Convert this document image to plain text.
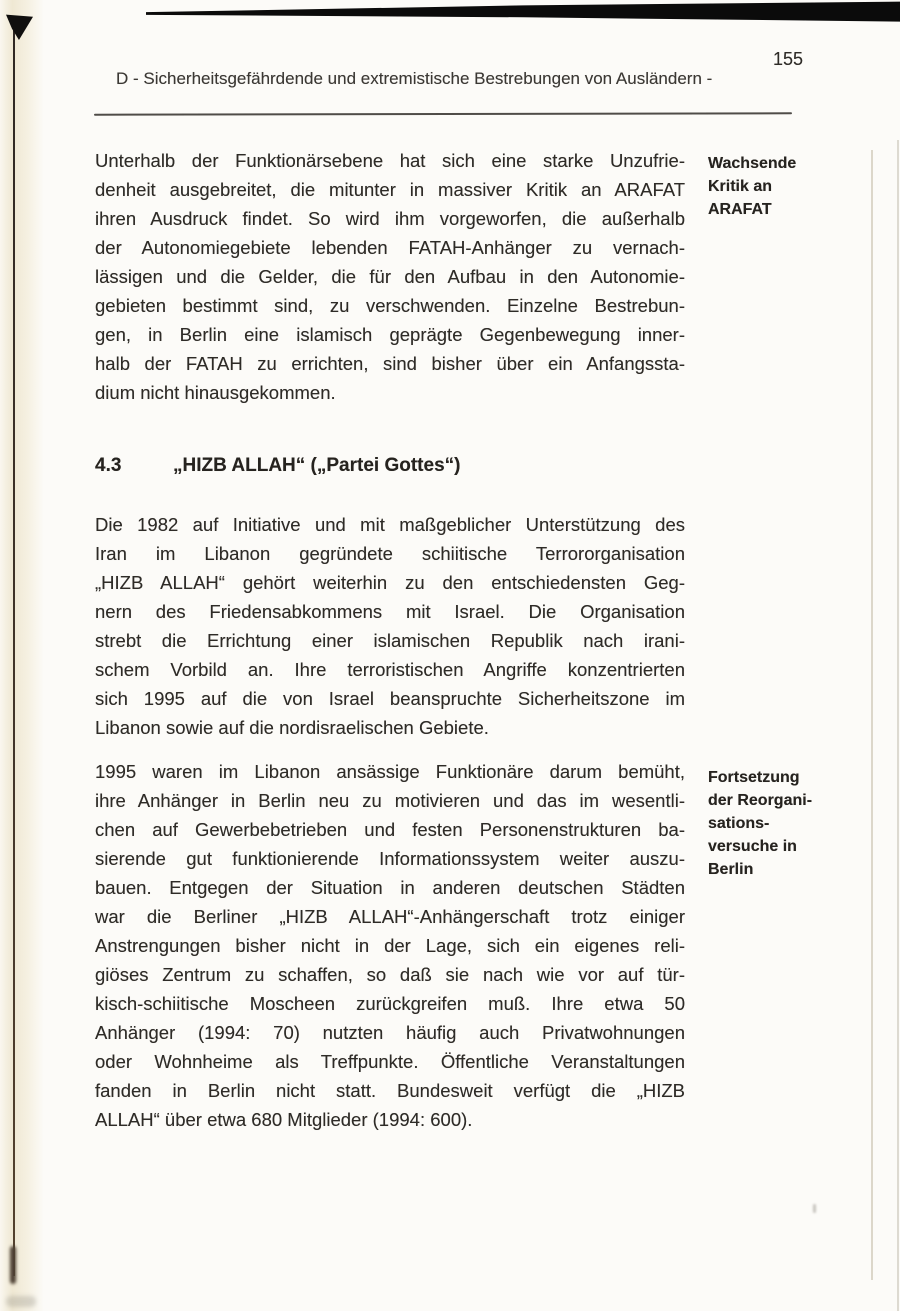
155
D - Sicherheitsgefährdende und extremistische Bestrebungen von Ausländern -
Unterhalb der Funktionärsebene hat sich eine starke Unzufrie-
denheit ausgebreitet, die mitunter in massiver Kritik an ARAFAT
ihren Ausdruck findet. So wird ihm vorgeworfen, die außerhalb
der Autonomiegebiete lebenden FATAH-Anhänger zu vernach-
lässigen und die Gelder, die für den Aufbau in den Autonomie-
gebieten bestimmt sind, zu verschwenden. Einzelne Bestrebun-
gen, in Berlin eine islamisch geprägte Gegenbewegung inner-
halb der FATAH zu errichten, sind bisher über ein Anfangssta-
dium nicht hinausgekommen.
Wachsende
Kritik an
ARAFAT
4.3	„HIZB ALLAH“ („Partei Gottes“)
Die 1982 auf Initiative und mit maßgeblicher Unterstützung des
Iran im Libanon gegründete schiitische Terrororganisation
„HIZB ALLAH“ gehört weiterhin zu den entschiedensten Geg-
nern des Friedensabkommens mit Israel. Die Organisation
strebt die Errichtung einer islamischen Republik nach irani-
schem Vorbild an. Ihre terroristischen Angriffe konzentrierten
sich 1995 auf die von Israel beanspruchte Sicherheitszone im
Libanon sowie auf die nordisraelischen Gebiete.
1995 waren im Libanon ansässige Funktionäre darum bemüht,
ihre Anhänger in Berlin neu zu motivieren und das im wesentli-
chen auf Gewerbebetrieben und festen Personenstrukturen ba-
sierende gut funktionierende Informationssystem weiter auszu-
bauen. Entgegen der Situation in anderen deutschen Städten
war die Berliner „HIZB ALLAH“-Anhängerschaft trotz einiger
Anstrengungen bisher nicht in der Lage, sich ein eigenes reli-
giöses Zentrum zu schaffen, so daß sie nach wie vor auf tür-
kisch-schiitische Moscheen zurückgreifen muß. Ihre etwa 50
Anhänger (1994: 70) nutzten häufig auch Privatwohnungen
oder Wohnheime als Treffpunkte. Öffentliche Veranstaltungen
fanden in Berlin nicht statt. Bundesweit verfügt die „HIZB
ALLAH“ über etwa 680 Mitglieder (1994: 600).
Fortsetzung
der Reorgani-
sations-
versuche in
Berlin
